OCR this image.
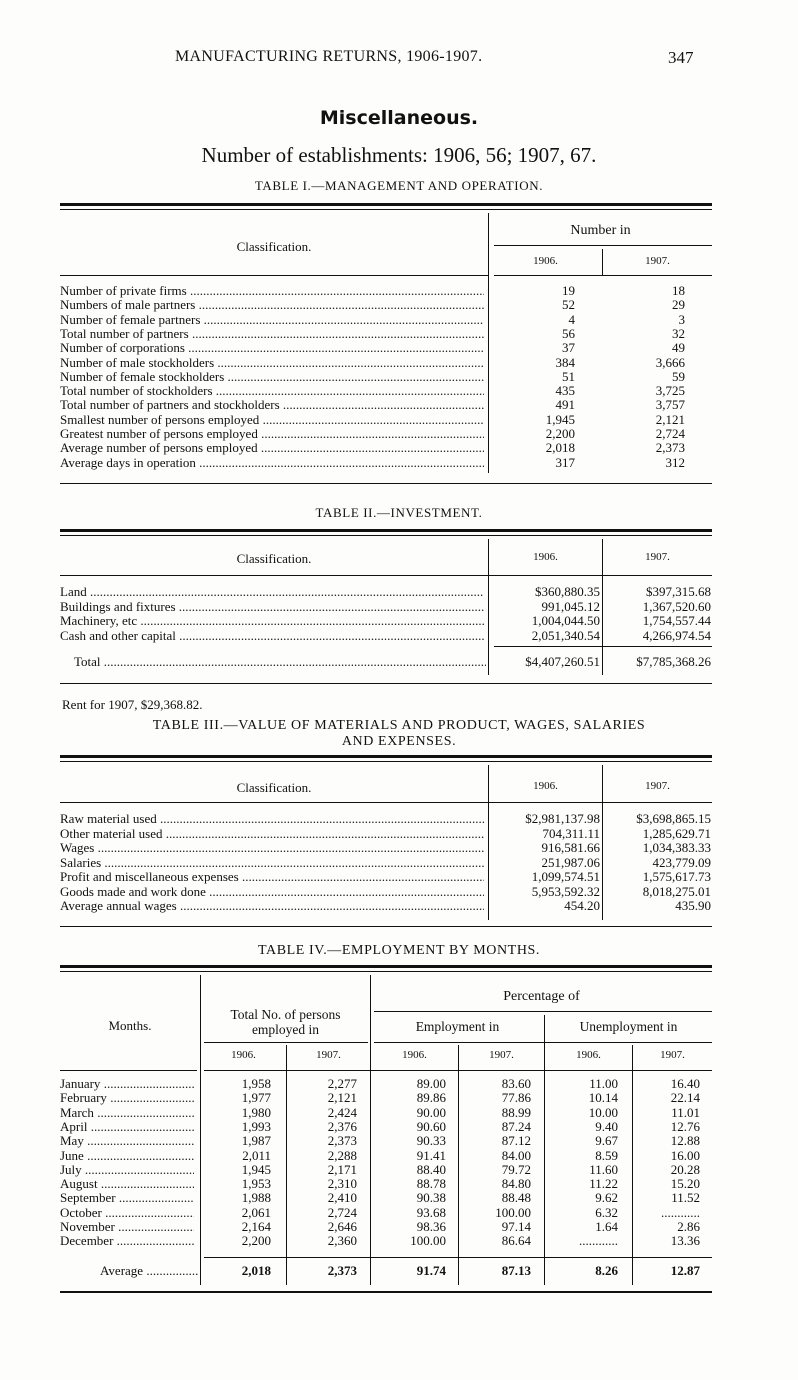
MANUFACTURING RETURNS, 1906-1907.	347
Miscellaneous.
Number of establishments: 1906, 56; 1907, 67.
TABLE I.—MANAGEMENT AND OPERATION.
Classification.
Number in
1906.	1907.
Number of private firms .....	19	18
Numbers of male partners .....	52	29
Number of female partners .....	4	3
Total number of partners .....	56	32
Number of corporations .....	37	49
Number of male stockholders .....	384	3,666
Number of female stockholders .....	51	59
Total number of stockholders .....	435	3,725
Total number of partners and stockholders .....	491	3,757
Smallest number of persons employed .....	1,945	2,121
Greatest number of persons employed .....	2,200	2,724
Average number of persons employed .....	2,018	2,373
Average days in operation .....	317	312
TABLE II.—INVESTMENT.
Classification.	1906.	1907.
Total .....	$4,407,260.51	$7,785,368.26
Land .....	$360,880.35	$397,315.68
Buildings and fixtures .....	991,045.12	1,367,520.60
Machinery, etc .....	1,004,044.50	1,754,557.44
Cash and other capital .....	2,051,340.54	4,266,974.54
Rent for 1907, $29,368.82.
TABLE III.—VALUE OF MATERIALS AND PRODUCT, WAGES, SALARIES
AND EXPENSES.
Classification.	1906.	1907.
Raw material used .....	$2,981,137.98	$3,698,865.15
Other material used .....	704,311.11	1,285,629.71
Wages .....	916,581.66	1,034,383.33
Salaries .....	251,987.06	423,779.09
Profit and miscellaneous expenses .....	1,099,574.51	1,575,617.73
Goods made and work done .....	5,953,592.32	8,018,275.01
Average annual wages .....	454.20	435.90
TABLE IV.—EMPLOYMENT BY MONTHS.
Months.
Total No. of persons
employed in
Percentage of
Employment in	Unemployment in
1906.	1907.	1906.	1907.	1906.	1907.
Average .....	2,018	2,373	91.74	87.13	8.26	12.87
January .....	1,958	2,277	89.00	83.60	11.00	16.40
February .....	1,977	2,121	89.86	77.86	10.14	22.14
March .....	1,980	2,424	90.00	88.99	10.00	11.01
April .....	1,993	2,376	90.60	87.24	9.40	12.76
May .....	1,987	2,373	90.33	87.12	9.67	12.88
June .....	2,011	2,288	91.41	84.00	8.59	16.00
July .....	1,945	2,171	88.40	79.72	11.60	20.28
August .....	1,953	2,310	88.78	84.80	11.22	15.20
September .....	1,988	2,410	90.38	88.48	9.62	11.52
October .....	2,061	2,724	93.68	100.00	6.32	............
November .....	2,164	2,646	98.36	97.14	1.64	2.86
December .....	2,200	2,360	100.00	86.64	............	13.36
